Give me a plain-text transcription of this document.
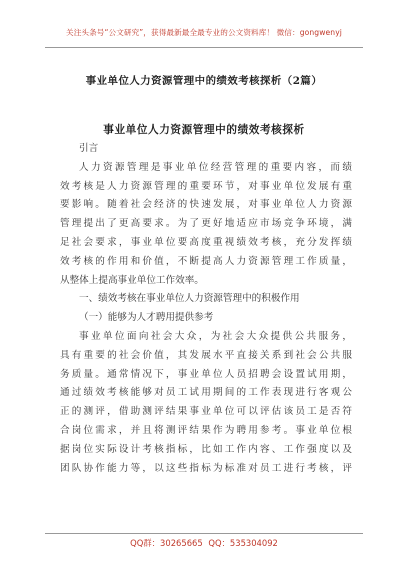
关注头条号“公文研究”，获得最新最全最专业的公文资料库！ 微信：gongwenyj
事业单位人力资源管理中的绩效考核探析（2篇）
事业单位人力资源管理中的绩效考核探析
引言
人力资源管理是事业单位经营管理的重要内容，而绩
效考核是人力资源管理的重要环节，对事业单位发展有重
要影响。随着社会经济的快速发展，对事业单位人力资源
管理提出了更高要求。为了更好地适应市场竞争环境，满
足社会要求，事业单位要高度重视绩效考核，充分发挥绩
效考核的作用和价值，不断提高人力资源管理工作质量，
从整体上提高事业单位工作效率。
一、绩效考核在事业单位人力资源管理中的积极作用
（一）能够为人才聘用提供参考
事业单位面向社会大众，为社会大众提供公共服务，
具有重要的社会价值，其发展水平直接关系到社会公共服
务质量。通常情况下，事业单位人员招聘会设置试用期，
通过绩效考核能够对员工试用期间的工作表现进行客观公
正的测评，借助测评结果事业单位可以评估该员工是否符
合岗位需求，并且将测评结果作为聘用参考。事业单位根
据岗位实际设计考核指标，比如工作内容、工作强度以及
团队协作能力等，以这些指标为标准对员工进行考核，评
QQ群：30265665 QQ：535304092
